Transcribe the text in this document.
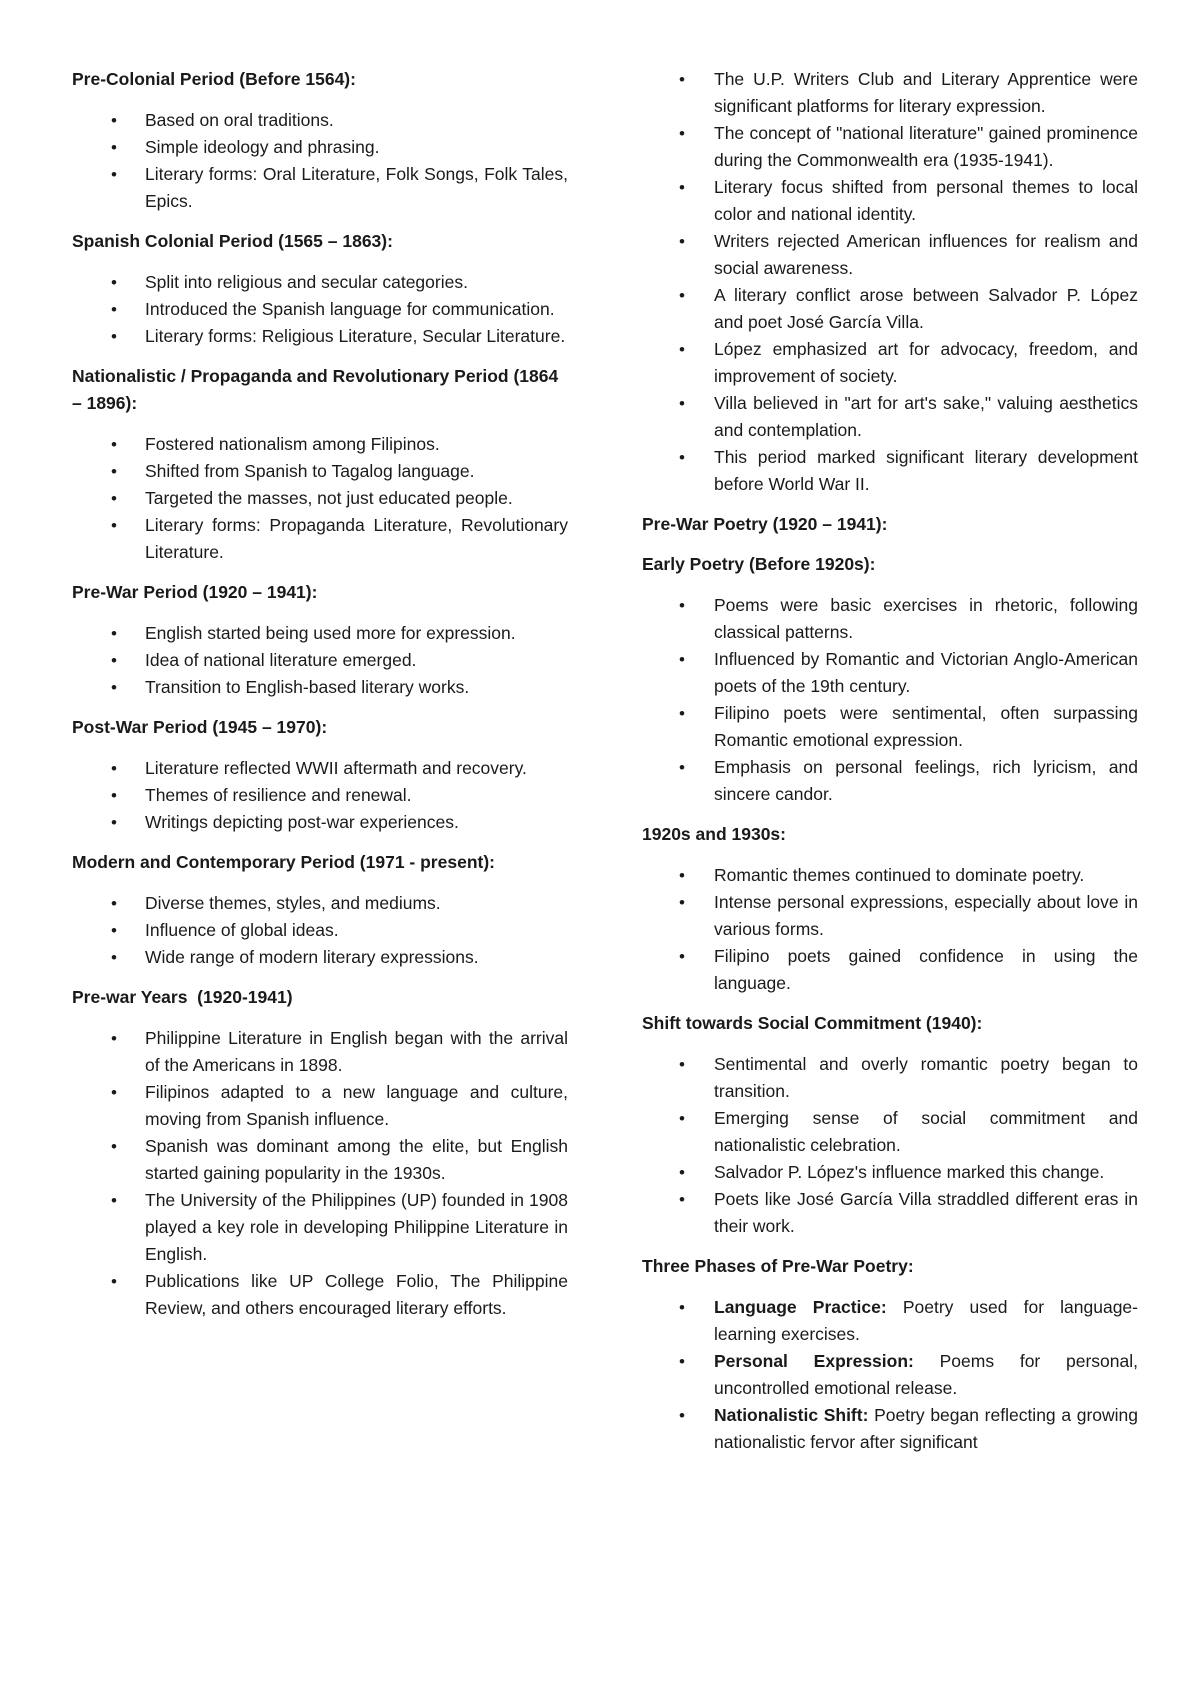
Pre-Colonial Period (Before 1564):
• Based on oral traditions.
• Simple ideology and phrasing.
• Literary forms: Oral Literature, Folk Songs, Folk Tales, Epics.
Spanish Colonial Period (1565 – 1863):
• Split into religious and secular categories.
• Introduced the Spanish language for communication.
• Literary forms: Religious Literature, Secular Literature.
Nationalistic / Propaganda and Revolutionary Period (1864 – 1896):
• Fostered nationalism among Filipinos.
• Shifted from Spanish to Tagalog language.
• Targeted the masses, not just educated people.
• Literary forms: Propaganda Literature, Revolutionary Literature.
Pre-War Period (1920 – 1941):
• English started being used more for expression.
• Idea of national literature emerged.
• Transition to English-based literary works.
Post-War Period (1945 – 1970):
• Literature reflected WWII aftermath and recovery.
• Themes of resilience and renewal.
• Writings depicting post-war experiences.
Modern and Contemporary Period (1971 - present):
• Diverse themes, styles, and mediums.
• Influence of global ideas.
• Wide range of modern literary expressions.
Pre-war Years  (1920-1941)
• Philippine Literature in English began with the arrival of the Americans in 1898.
• Filipinos adapted to a new language and culture, moving from Spanish influence.
• Spanish was dominant among the elite, but English started gaining popularity in the 1930s.
• The University of the Philippines (UP) founded in 1908 played a key role in developing Philippine Literature in English.
• Publications like UP College Folio, The Philippine Review, and others encouraged literary efforts.
• The U.P. Writers Club and Literary Apprentice were significant platforms for literary expression.
• The concept of "national literature" gained prominence during the Commonwealth era (1935-1941).
• Literary focus shifted from personal themes to local color and national identity.
• Writers rejected American influences for realism and social awareness.
• A literary conflict arose between Salvador P. López and poet José García Villa.
• López emphasized art for advocacy, freedom, and improvement of society.
• Villa believed in "art for art's sake," valuing aesthetics and contemplation.
• This period marked significant literary development before World War II.
Pre-War Poetry (1920 – 1941):
Early Poetry (Before 1920s):
• Poems were basic exercises in rhetoric, following classical patterns.
• Influenced by Romantic and Victorian Anglo-American poets of the 19th century.
• Filipino poets were sentimental, often surpassing Romantic emotional expression.
• Emphasis on personal feelings, rich lyricism, and sincere candor.
1920s and 1930s:
• Romantic themes continued to dominate poetry.
• Intense personal expressions, especially about love in various forms.
• Filipino poets gained confidence in using the language.
Shift towards Social Commitment (1940):
• Sentimental and overly romantic poetry began to transition.
• Emerging sense of social commitment and nationalistic celebration.
• Salvador P. López's influence marked this change.
• Poets like José García Villa straddled different eras in their work.
Three Phases of Pre-War Poetry:
• Language Practice: Poetry used for language-learning exercises.
• Personal Expression: Poems for personal, uncontrolled emotional release.
• Nationalistic Shift: Poetry began reflecting a growing nationalistic fervor after significant
